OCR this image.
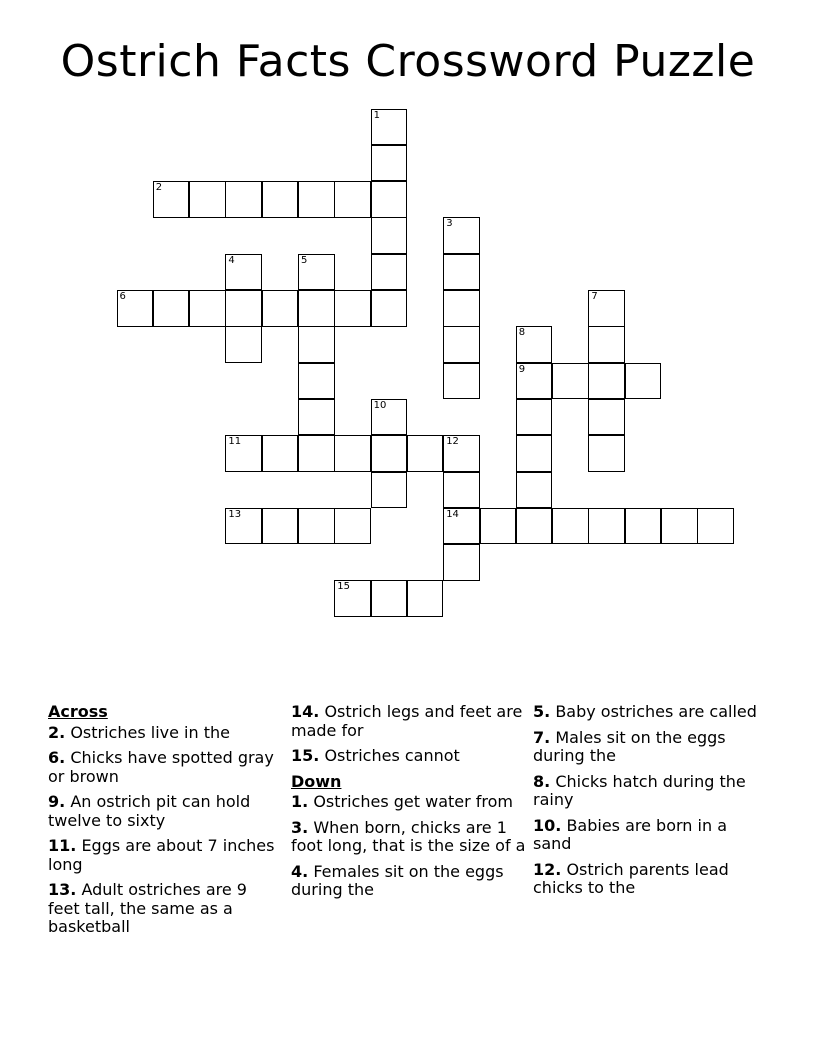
Ostrich Facts Crossword Puzzle
1
2
3
4	5
6	7
8
9
10
11	12
13	14
15
Across
2. Ostriches live in the
6. Chicks have spotted gray or brown
9. An ostrich pit can hold twelve to sixty
11. Eggs are about 7 inches long
13. Adult ostriches are 9 feet tall, the same as a basketball
14. Ostrich legs and feet are made for
15. Ostriches cannot
Down
1. Ostriches get water from
3. When born, chicks are 1 foot long, that is the size of a
4. Females sit on the eggs during the
5. Baby ostriches are called
7. Males sit on the eggs during the
8. Chicks hatch during the rainy
10. Babies are born in a sand
12. Ostrich parents lead chicks to the
